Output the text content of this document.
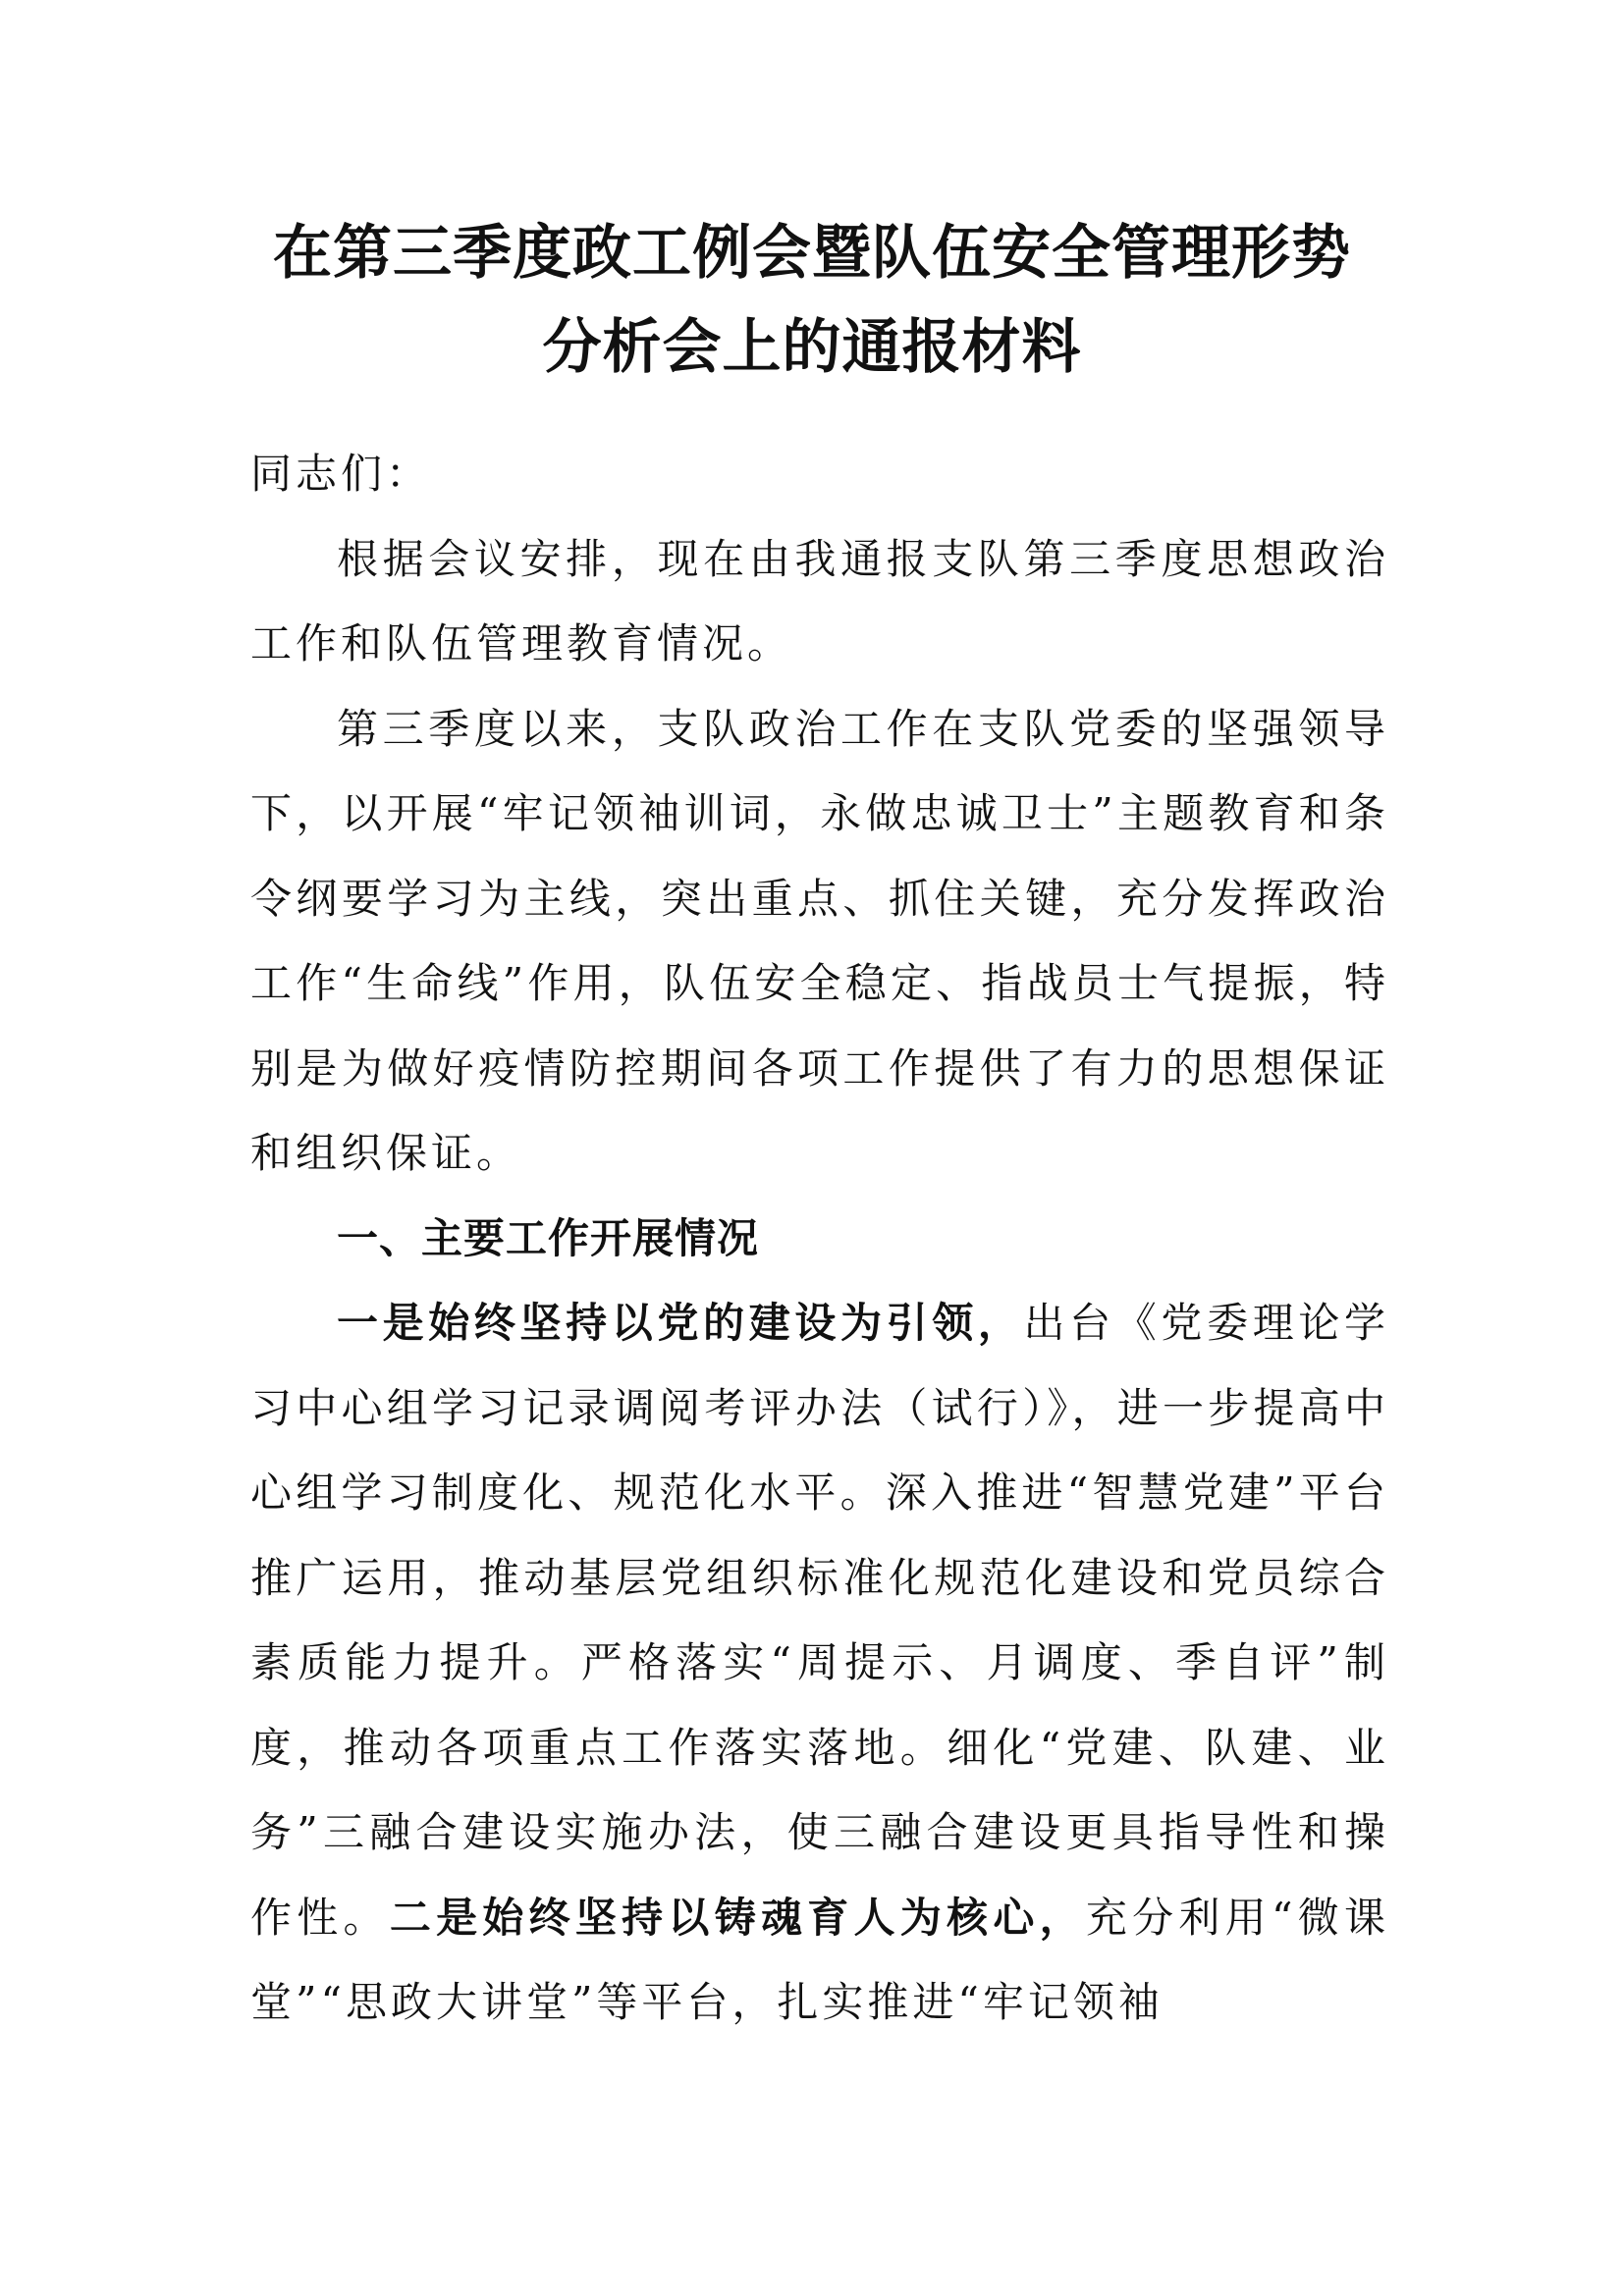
在第三季度政工例会暨队伍安全管理形势
分析会上的通报材料

同志们：

根据会议安排，现在由我通报支队第三季度思想政治工作和队伍管理教育情况。

第三季度以来，支队政治工作在支队党委的坚强领导下，以开展“牢记领袖训词，永做忠诚卫士”主题教育和条令纲要学习为主线，突出重点、抓住关键，充分发挥政治工作“生命线”作用，队伍安全稳定、指战员士气提振，特别是为做好疫情防控期间各项工作提供了有力的思想保证和组织保证。

一、主要工作开展情况

一是始终坚持以党的建设为引领，出台《党委理论学习中心组学习记录调阅考评办法（试行）》，进一步提高中心组学习制度化、规范化水平。深入推进“智慧党建”平台推广运用，推动基层党组织标准化规范化建设和党员综合素质能力提升。严格落实“周提示、月调度、季自评”制度，推动各项重点工作落实落地。细化“党建、队建、业务”三融合建设实施办法，使三融合建设更具指导性和操作性。二是始终坚持以铸魂育人为核心，充分利用“微课堂”“思政大讲堂”等平台，扎实推进“牢记领袖
